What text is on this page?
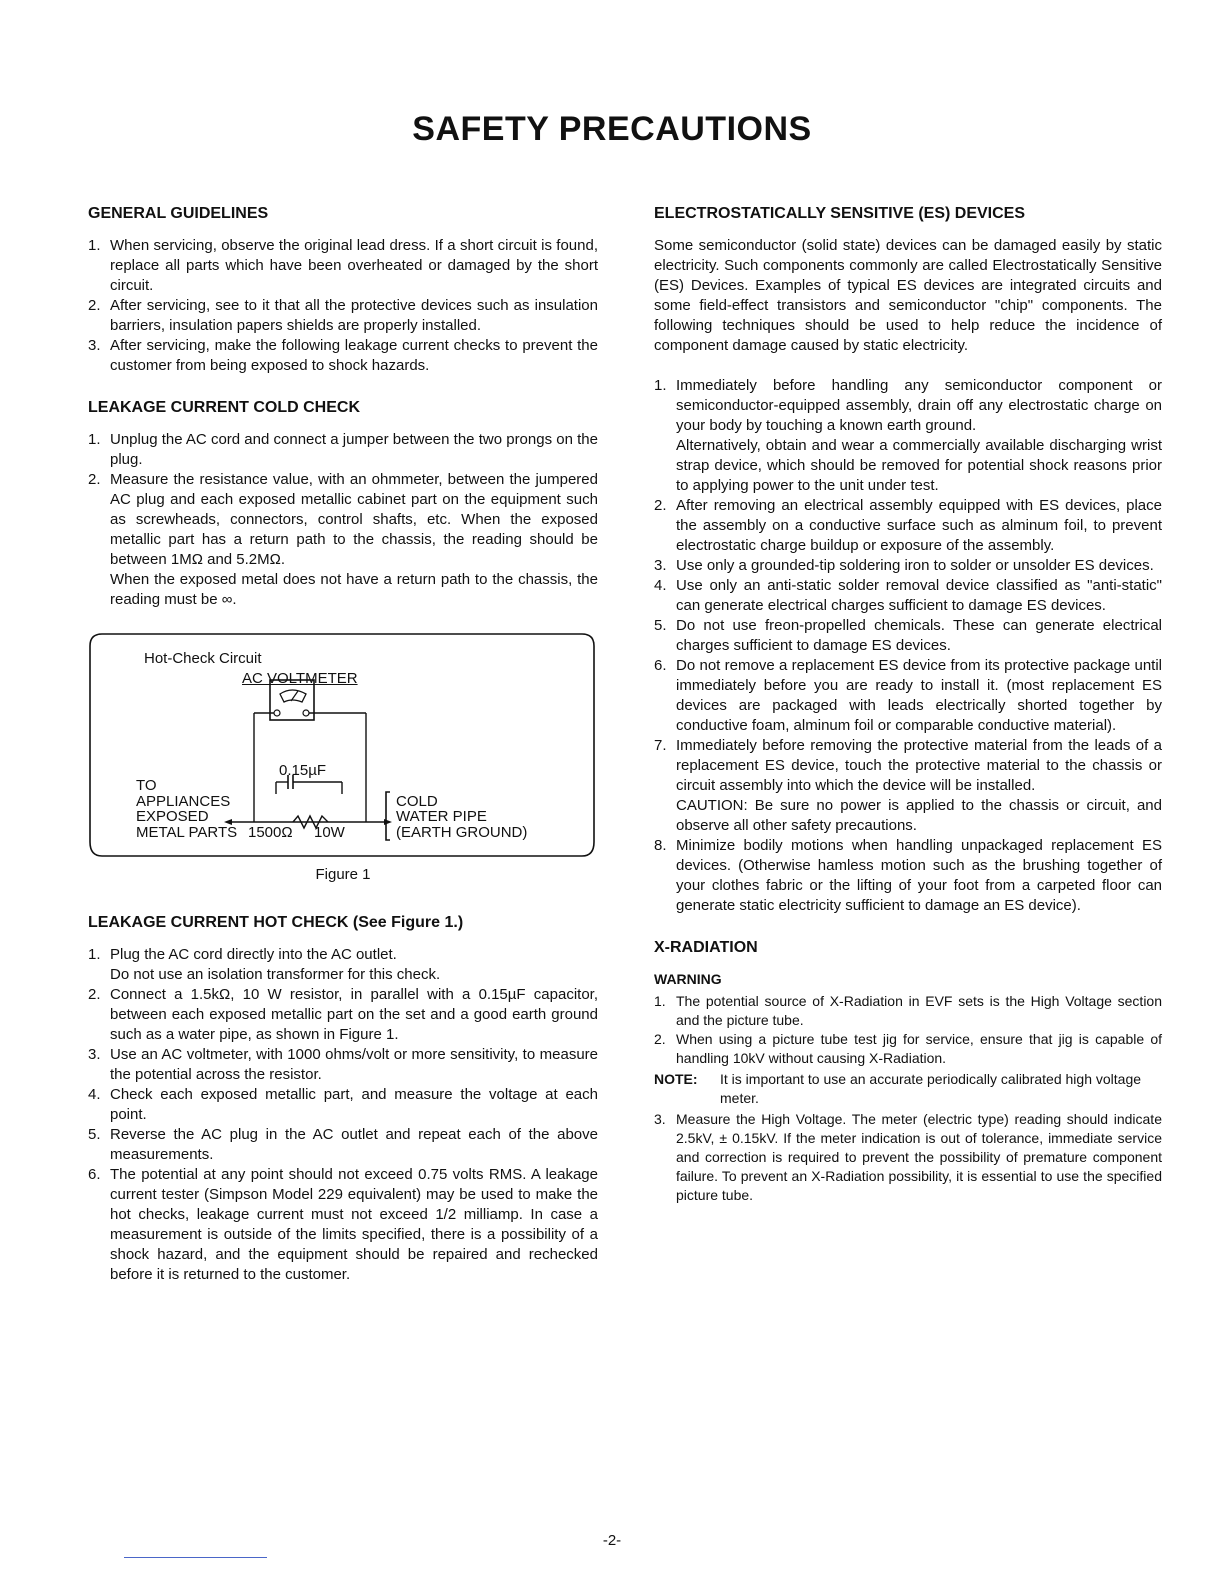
SAFETY PRECAUTIONS
GENERAL GUIDELINES
1. When servicing, observe the original lead dress. If a short circuit is found, replace all parts which have been overheated or damaged by the short circuit.
2. After servicing, see to it that all the protective devices such as insulation barriers, insulation papers shields are properly installed.
3. After servicing, make the following leakage current checks to prevent the customer from being exposed to shock hazards.
LEAKAGE CURRENT COLD CHECK
1. Unplug the AC cord and connect a jumper between the two prongs on the plug.
2. Measure the resistance value, with an ohmmeter, between the jumpered AC plug and each exposed metallic cabinet part on the equipment such as screwheads, connectors, control shafts, etc. When the exposed metallic part has a return path to the chassis, the reading should be between 1MΩ and 5.2MΩ.
When the exposed metal does not have a return path to the chassis, the reading must be ∞.
Hot-Check Circuit
AC VOLTMETER
0.15µF
TO
APPLIANCES
EXPOSED
METAL PARTS 1500Ω 10W
COLD
WATER PIPE
(EARTH GROUND)
Figure 1
LEAKAGE CURRENT HOT CHECK (See Figure 1.)
1. Plug the AC cord directly into the AC outlet.
Do not use an isolation transformer for this check.
2. Connect a 1.5kΩ, 10 W resistor, in parallel with a 0.15µF capacitor, between each exposed metallic part on the set and a good earth ground such as a water pipe, as shown in Figure 1.
3. Use an AC voltmeter, with 1000 ohms/volt or more sensitivity, to measure the potential across the resistor.
4. Check each exposed metallic part, and measure the voltage at each point.
5. Reverse the AC plug in the AC outlet and repeat each of the above measurements.
6. The potential at any point should not exceed 0.75 volts RMS. A leakage current tester (Simpson Model 229 equivalent) may be used to make the hot checks, leakage current must not exceed 1/2 milliamp. In case a measurement is outside of the limits specified, there is a possibility of a shock hazard, and the equipment should be repaired and rechecked before it is returned to the customer.
ELECTROSTATICALLY SENSITIVE (ES) DEVICES

Some semiconductor (solid state) devices can be damaged easily by static electricity. Such components commonly are called Electrostatically Sensitive (ES) Devices. Examples of typical ES devices are integrated circuits and some field-effect transistors and semiconductor "chip" components. The following techniques should be used to help reduce the incidence of component damage caused by static electricity.

1. Immediately before handling any semiconductor component or semiconductor-equipped assembly, drain off any electrostatic charge on your body by touching a known earth ground.
Alternatively, obtain and wear a commercially available discharging wrist strap device, which should be removed for potential shock reasons prior to applying power to the unit under test.
2. After removing an electrical assembly equipped with ES devices, place the assembly on a conductive surface such as alminum foil, to prevent electrostatic charge buildup or exposure of the assembly.
3. Use only a grounded-tip soldering iron to solder or unsolder ES devices.
4. Use only an anti-static solder removal device classified as "anti-static" can generate electrical charges sufficient to damage ES devices.
5. Do not use freon-propelled chemicals. These can generate electrical charges sufficient to damage ES devices.
6. Do not remove a replacement ES device from its protective package until immediately before you are ready to install it. (most replacement ES devices are packaged with leads electrically shorted together by conductive foam, alminum foil or comparable conductive material).
7. Immediately before removing the protective material from the leads of a replacement ES device, touch the protective material to the chassis or circuit assembly into which the device will be installed.
CAUTION: Be sure no power is applied to the chassis or circuit, and observe all other safety precautions.
8. Minimize bodily motions when handling unpackaged replacement ES devices. (Otherwise hamless motion such as the brushing together of your clothes fabric or the lifting of your foot from a carpeted floor can generate static electricity sufficient to damage an ES device).
X-RADIATION
WARNING
1. The potential source of X-Radiation in EVF sets is the High Voltage section and the picture tube.
2. When using a picture tube test jig for service, ensure that jig is capable of handling 10kV without causing X-Radiation.
NOTE: It is important to use an accurate periodically calibrated high voltage meter.
3. Measure the High Voltage. The meter (electric type) reading should indicate 2.5kV, ± 0.15kV. If the meter indication is out of tolerance, immediate service and correction is required to prevent the possibility of premature component failure. To prevent an X-Radiation possibility, it is essential to use the specified picture tube.
-2-
